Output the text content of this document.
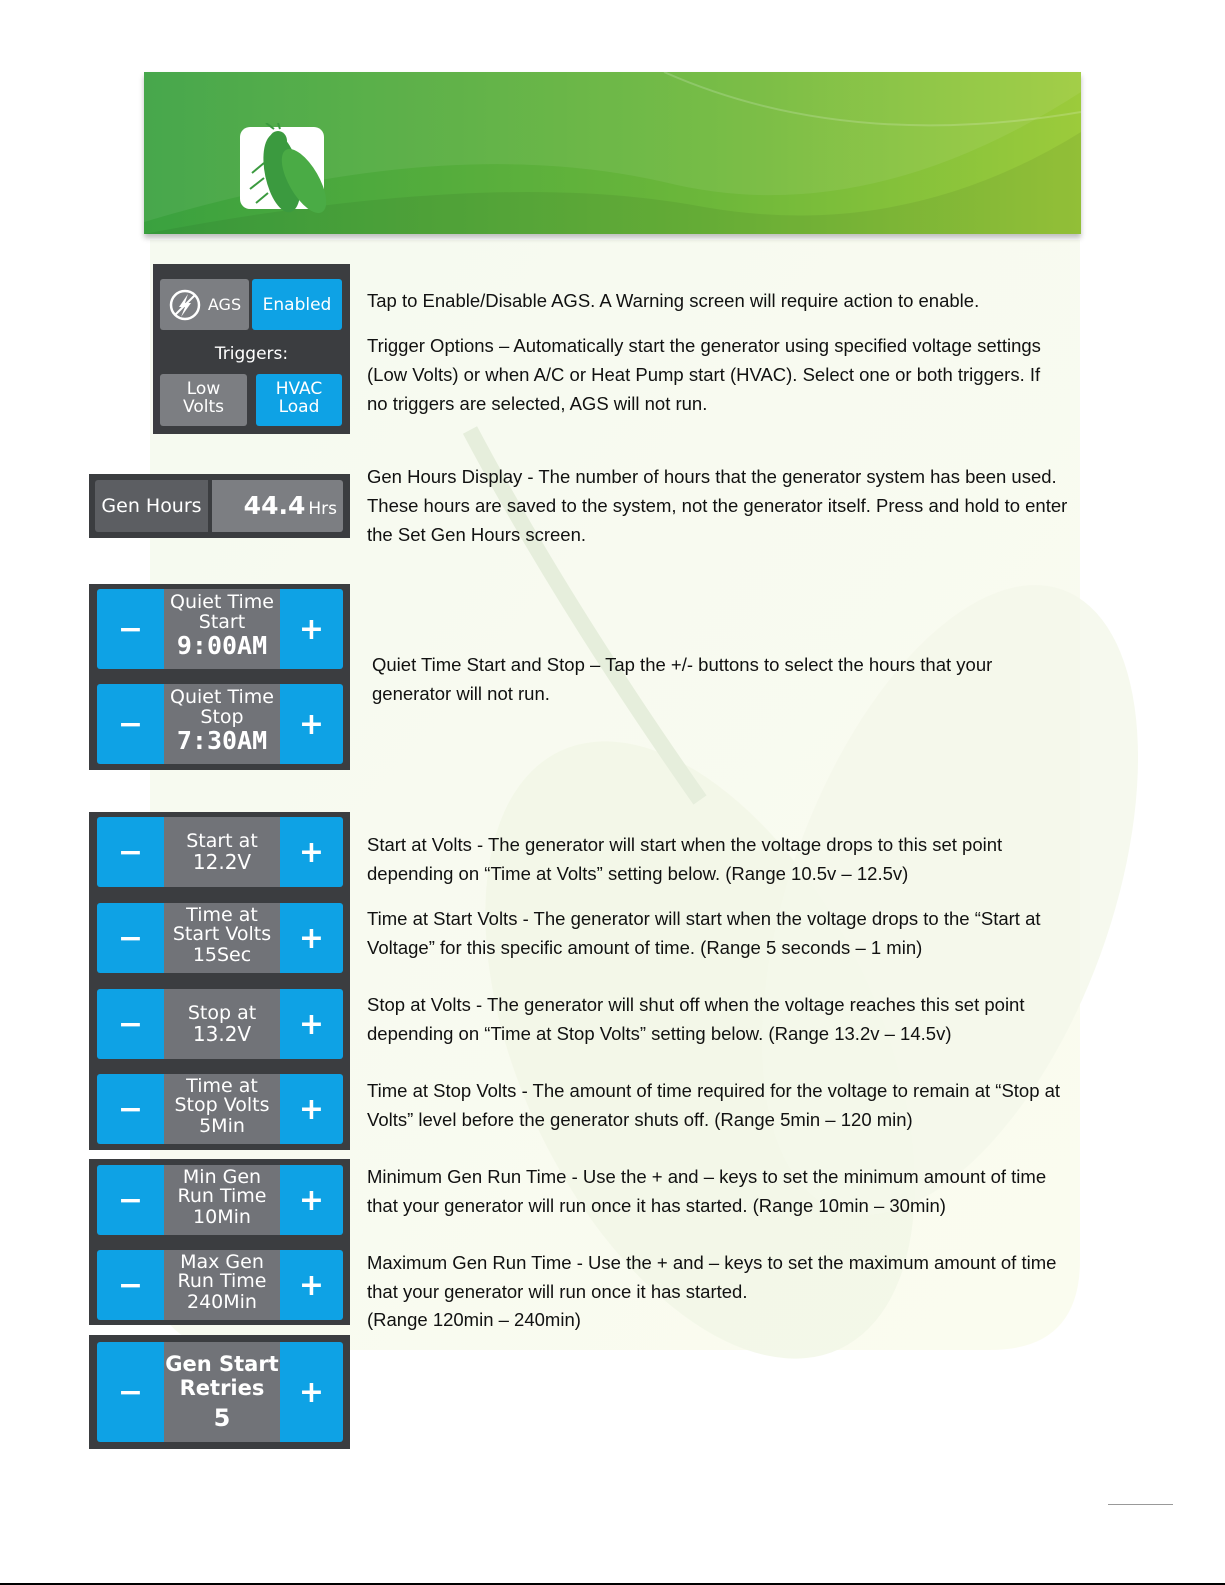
AGS Enabled
Triggers:
Low
Volts
HVAC
Load
Gen Hours	44.4 Hrs
−
Quiet Time
Start
9:00AM	+
−
Quiet Time
Stop
7:30AM	+
−	Start at
12.2V	+
−
Time at
Start Volts
15Sec	+
−	Stop at
13.2V	+
−
Time at
Stop Volts
5Min	+
−
Min Gen
Run Time
10Min	+
−
Max Gen
Run Time
240Min	+
−
Gen Start
Retries
5
+

Tap to Enable/Disable AGS. A Warning screen will require action to enable.

Trigger Options – Automatically start the generator using specified voltage settings (Low Volts) or when A/C or Heat Pump start (HVAC). Select one or both triggers. If no triggers are selected, AGS will not run.

Gen Hours Display - The number of hours that the generator system has been used. These hours are saved to the system, not the generator itself. Press and hold to enter the Set Gen Hours screen.

Quiet Time Start and Stop – Tap the +/- buttons to select the hours that your generator will not run.

Start at Volts - The generator will start when the voltage drops to this set point depending on “Time at Volts” setting below. (Range 10.5v – 12.5v)

Time at Start Volts - The generator will start when the voltage drops to the “Start at Voltage” for this specific amount of time. (Range 5 seconds – 1 min)

Stop at Volts - The generator will shut off when the voltage reaches this set point depending on “Time at Stop Volts” setting below. (Range 13.2v – 14.5v)

Time at Stop Volts - The amount of time required for the voltage to remain at “Stop at Volts” level before the generator shuts off. (Range 5min – 120 min)

Minimum Gen Run Time - Use the + and – keys to set the minimum amount of time that your generator will run once it has started. (Range 10min – 30min)

Maximum Gen Run Time - Use the + and – keys to set the maximum amount of time that your generator will run once it has started.

(Range 120min – 240min)
